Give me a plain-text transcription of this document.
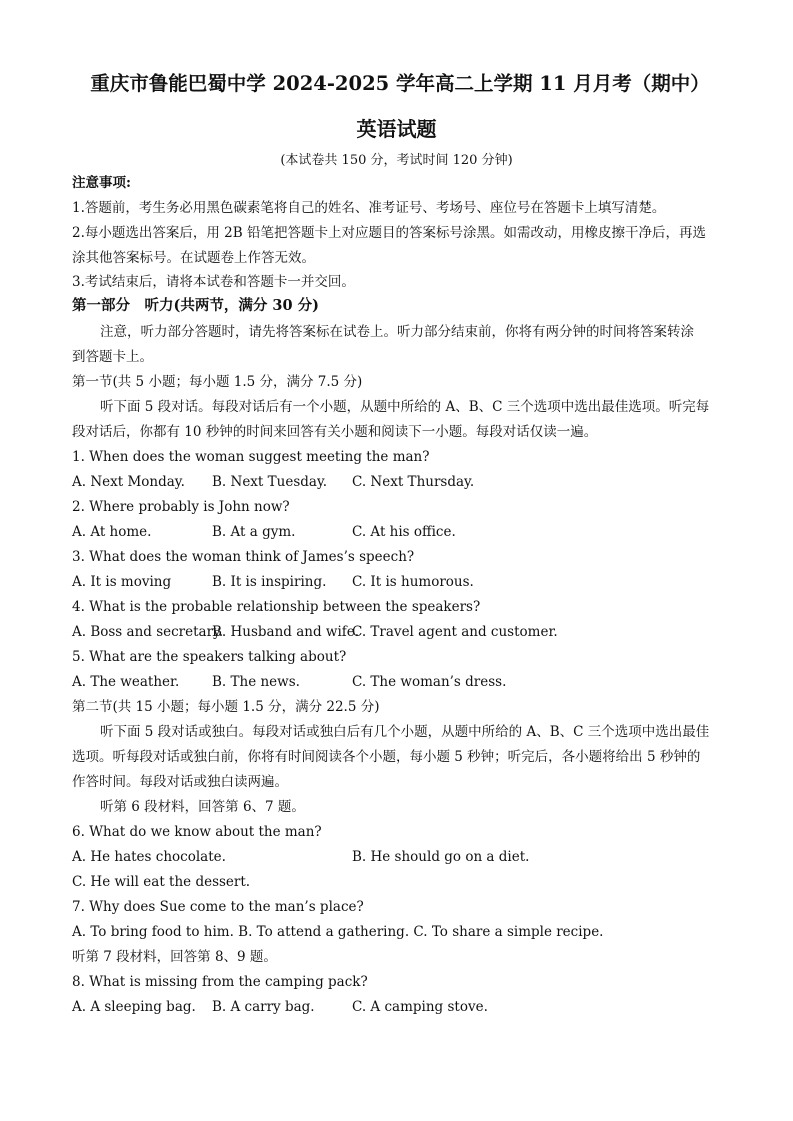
重庆市鲁能巴蜀中学 2024-2025 学年高二上学期 11 月月考（期中）
英语试题
(本试卷共 150 分，考试时间 120 分钟)
注意事项:
1.答题前，考生务必用黑色碳素笔将自己的姓名、准考证号、考场号、座位号在答题卡上填写清楚。
2.每小题选出答案后，用 2B 铅笔把答题卡上对应题目的答案标号涂黑。如需改动，用橡皮擦干净后，再选
涂其他答案标号。在试题卷上作答无效。
3.考试结束后，请将本试卷和答题卡一并交回。
第一部分　听力(共两节，满分 30 分)
注意，听力部分答题时，请先将答案标在试卷上。听力部分结束前，你将有两分钟的时间将答案转涂
到答题卡上。
第一节(共 5 小题；每小题 1.5 分，满分 7.5 分)
听下面 5 段对话。每段对话后有一个小题，从题中所给的 A、B、C 三个选项中选出最佳选项。听完每
段对话后，你都有 10 秒钟的时间来回答有关小题和阅读下一小题。每段对话仅读一遍。
1. When does the woman suggest meeting the man?
A. Next Monday. B. Next Tuesday. C. Next Thursday.
2. Where probably is John now?
A. At home.	B. At a gym.	C. At his office.
3. What does the woman think of James’s speech?
A. It is moving	B. It is inspiring. C. It is humorous.
4. What is the probable relationship between the speakers?
A. Boss and secretary.
B. Husband and wife.
C. Travel agent and customer.
5. What are the speakers talking about?
A. The weather. B. The news.	C. The woman’s dress.
第二节(共 15 小题；每小题 1.5 分，满分 22.5 分)
听下面 5 段对话或独白。每段对话或独白后有几个小题，从题中所给的 A、B、C 三个选项中选出最佳
选项。听每段对话或独白前，你将有时间阅读各个小题，每小题 5 秒钟；听完后，各小题将给出 5 秒钟的
作答时间。每段对话或独白读两遍。
听第 6 段材料，回答第 6、7 题。
6. What do we know about the man?
A. He hates chocolate.	B. He should go on a diet.
C. He will eat the dessert.
7. Why does Sue come to the man’s place?
A. To bring food to him. B. To attend a gathering. C. To share a simple recipe.
听第 7 段材料，回答第 8、9 题。
8. What is missing from the camping pack?
A. A sleeping bag. B. A carry bag.	C. A camping stove.
